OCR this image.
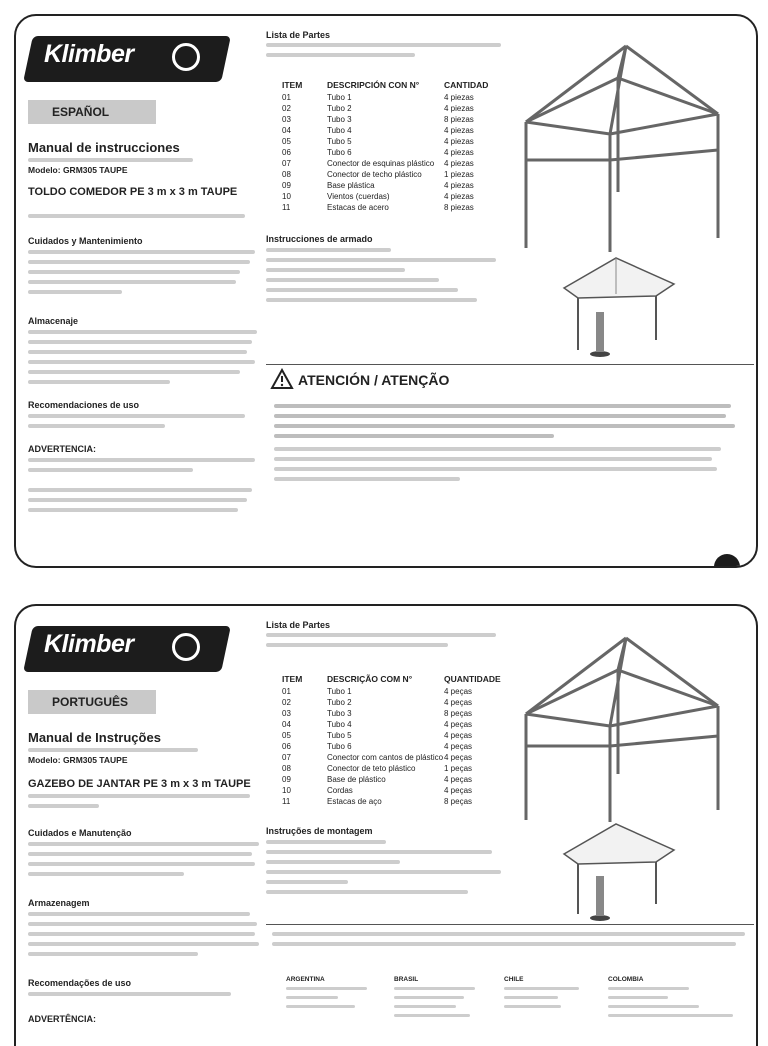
Klimber
ESPAÑOL
Manual de instrucciones
Modelo: GRM305 TAUPE
TOLDO COMEDOR PE 3 m x 3 m TAUPE
Cuidados y Mantenimiento
Almacenaje
Recomendaciones de uso
ADVERTENCIA:
Lista de Partes
ITEM	DESCRIPCIÓN CON N°	CANTIDAD
01	Tubo 1	4 piezas
02	Tubo 2	4 piezas
03	Tubo 3	8 piezas
04	Tubo 4	4 piezas
05	Tubo 5	4 piezas
06	Tubo 6	4 piezas
07	Conector de esquinas plástico	4 piezas
08	Conector de techo plástico	1 piezas
09	Base plástica	4 piezas
10	Vientos (cuerdas)	4 piezas
11	Estacas de acero	8 piezas
Instrucciones de armado
ATENCIÓN / ATENÇÃO
Klimber
PORTUGUÊS
Manual de Instruções
Modelo: GRM305 TAUPE
GAZEBO DE JANTAR PE 3 m x 3 m TAUPE
Cuidados e Manutenção
Armazenagem
Recomendações de uso
ADVERTÊNCIA:
Lista de Partes
ITEM	DESCRIÇÃO COM N°	QUANTIDADE
01	Tubo 1	4 peças
02	Tubo 2	4 peças
03	Tubo 3	8 peças
04	Tubo 4	4 peças
05	Tubo 5	4 peças
06	Tubo 6	4 peças
07	Conector com cantos de plástico 4 peças
08	Conector de teto plástico	1 peças
09	Base de plástico	4 peças
10	Cordas	4 peças
11	Estacas de aço	8 peças
Instruções de montagem
ARGENTINA	BRASIL	CHILE	COLOMBIA
